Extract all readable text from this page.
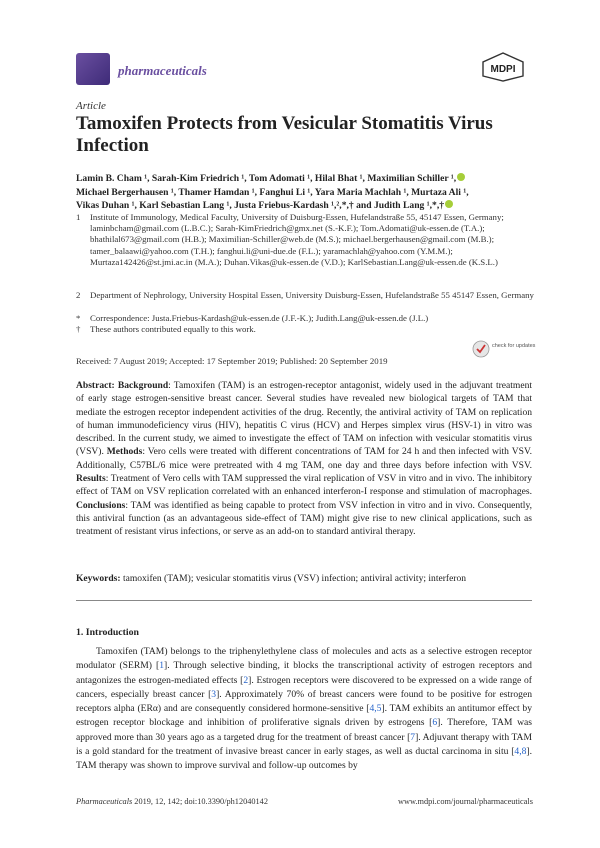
pharmaceuticals	MDPI
Article
Tamoxifen Protects from Vesicular Stomatitis Virus Infection
Lamin B. Cham ¹, Sarah-Kim Friedrich ¹, Tom Adomati ¹, Hilal Bhat ¹, Maximilian Schiller ¹,
Michael Bergerhausen ¹, Thamer Hamdan ¹, Fanghui Li ¹, Yara Maria Machlah ¹, Murtaza Ali ¹,
Vikas Duhan ¹, Karl Sebastian Lang ¹, Justa Friebus-Kardash ¹,²,*,† and Judith Lang ¹,*,†
1	Institute of Immunology, Medical Faculty, University of Duisburg-Essen, Hufelandstraße 55, 45147 Essen, Germany; laminbcham@gmail.com (L.B.C.); Sarah-KimFriedrich@gmx.net (S.-K.F.); Tom.Adomati@uk-essen.de (T.A.); bhathilal673@gmail.com (H.B.); Maximilian-Schiller@web.de (M.S.); michael.bergerhausen@gmail.com (M.B.); tamer_balaawi@yahoo.com (T.H.); fanghui.li@uni-due.de (F.L.); yaramachlah@yahoo.com (Y.M.M.); Murtaza142426@st.jmi.ac.in (M.A.); Duhan.Vikas@uk-essen.de (V.D.); KarlSebastian.Lang@uk-essen.de (K.S.L.)
2	Department of Nephrology, University Hospital Essen, University Duisburg-Essen, Hufelandstraße 55 45147 Essen, Germany
*	Correspondence: Justa.Friebus-Kardash@uk-essen.de (J.F.-K.); Judith.Lang@uk-essen.de (J.L.)
†	These authors contributed equally to this work.
Received: 7 August 2019; Accepted: 17 September 2019; Published: 20 September 2019
check for updates
Abstract: Background: Tamoxifen (TAM) is an estrogen-receptor antagonist, widely used in the adjuvant treatment of early stage estrogen-sensitive breast cancer. Several studies have revealed new biological targets of TAM that mediate the estrogen receptor independent activities of the drug. Recently, the antiviral activity of TAM on replication of human immunodeficiency virus (HIV), hepatitis C virus (HCV) and Herpes simplex virus (HSV-1) in vitro was described. In the current study, we aimed to investigate the effect of TAM on infection with vesicular stomatitis virus (VSV). Methods: Vero cells were treated with different concentrations of TAM for 24 h and then infected with VSV. Additionally, C57BL/6 mice were pretreated with 4 mg TAM, one day and three days before infection with VSV. Results: Treatment of Vero cells with TAM suppressed the viral replication of VSV in vitro and in vivo. The inhibitory effect of TAM on VSV replication correlated with an enhanced interferon-I response and stimulation of macrophages. Conclusions: TAM was identified as being capable to protect from VSV infection in vitro and in vivo. Consequently, this antiviral function (as an advantageous side-effect of TAM) might give rise to new clinical applications, such as treatment of resistant virus infections, or serve as an add-on to standard antiviral therapy.
Keywords: tamoxifen (TAM); vesicular stomatitis virus (VSV) infection; antiviral activity; interferon
1. Introduction
Tamoxifen (TAM) belongs to the triphenylethylene class of molecules and acts as a selective estrogen receptor modulator (SERM) [1]. Through selective binding, it blocks the transcriptional activity of estrogen receptors and antagonizes the estrogen-mediated effects [2]. Estrogen receptors were discovered to be expressed on a wide range of cancers, especially breast cancer [3]. Approximately 70% of breast cancers were found to be positive for estrogen receptors alpha (ERα) and are consequently considered hormone-sensitive [4,5]. TAM exhibits an antitumor effect by estrogen receptor blockage and inhibition of proliferative signals driven by estrogens [6]. Therefore, TAM was approved more than 30 years ago as a targeted drug for the treatment of breast cancer [7]. Adjuvant therapy with TAM is a gold standard for the treatment of invasive breast cancer in early stages, as well as ductal carcinoma in situ [4,8]. TAM therapy was shown to improve survival and follow-up outcomes by
Pharmaceuticals 2019, 12, 142; doi:10.3390/ph12040142	www.mdpi.com/journal/pharmaceuticals
